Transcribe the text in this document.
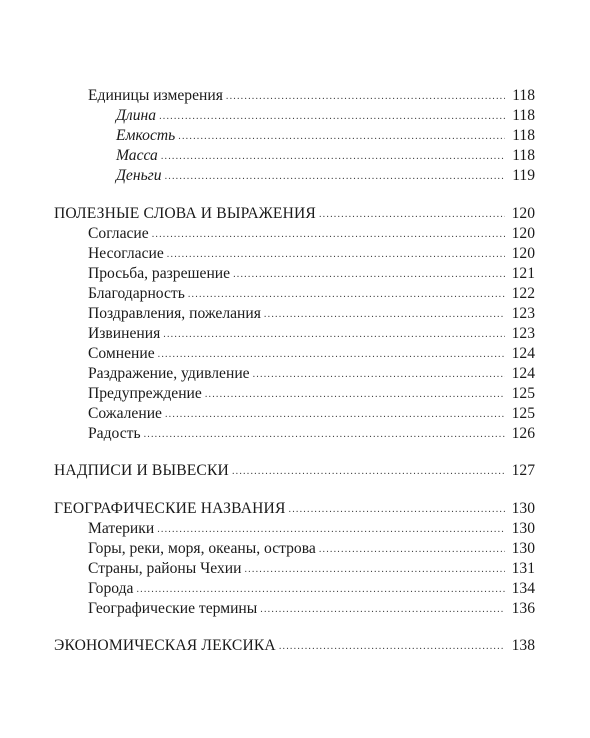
Единицы измерения .....	118
Длина .....	118
Емкость .....	118
Масса .....	118
Деньги .....	119
ПОЛЕЗНЫЕ СЛОВА И ВЫРАЖЕНИЯ .....	120
Согласие .....	120
Несогласие .....	120
Просьба, разрешение .....	121
Благодарность .....	122
Поздравления, пожелания .....	123
Извинения .....	123
Сомнение .....	124
Раздражение, удивление .....	124
Предупреждение .....	125
Сожаление .....	125
Радость .....	126
НАДПИСИ И ВЫВЕСКИ .....	127
ГЕОГРАФИЧЕСКИЕ НАЗВАНИЯ .....	130
Материки .....	130
Горы, реки, моря, океаны, острова .....	130
Страны, районы Чехии .....	131
Города .....	134
Географические термины .....	136
ЭКОНОМИЧЕСКАЯ ЛЕКСИКА .....	138
